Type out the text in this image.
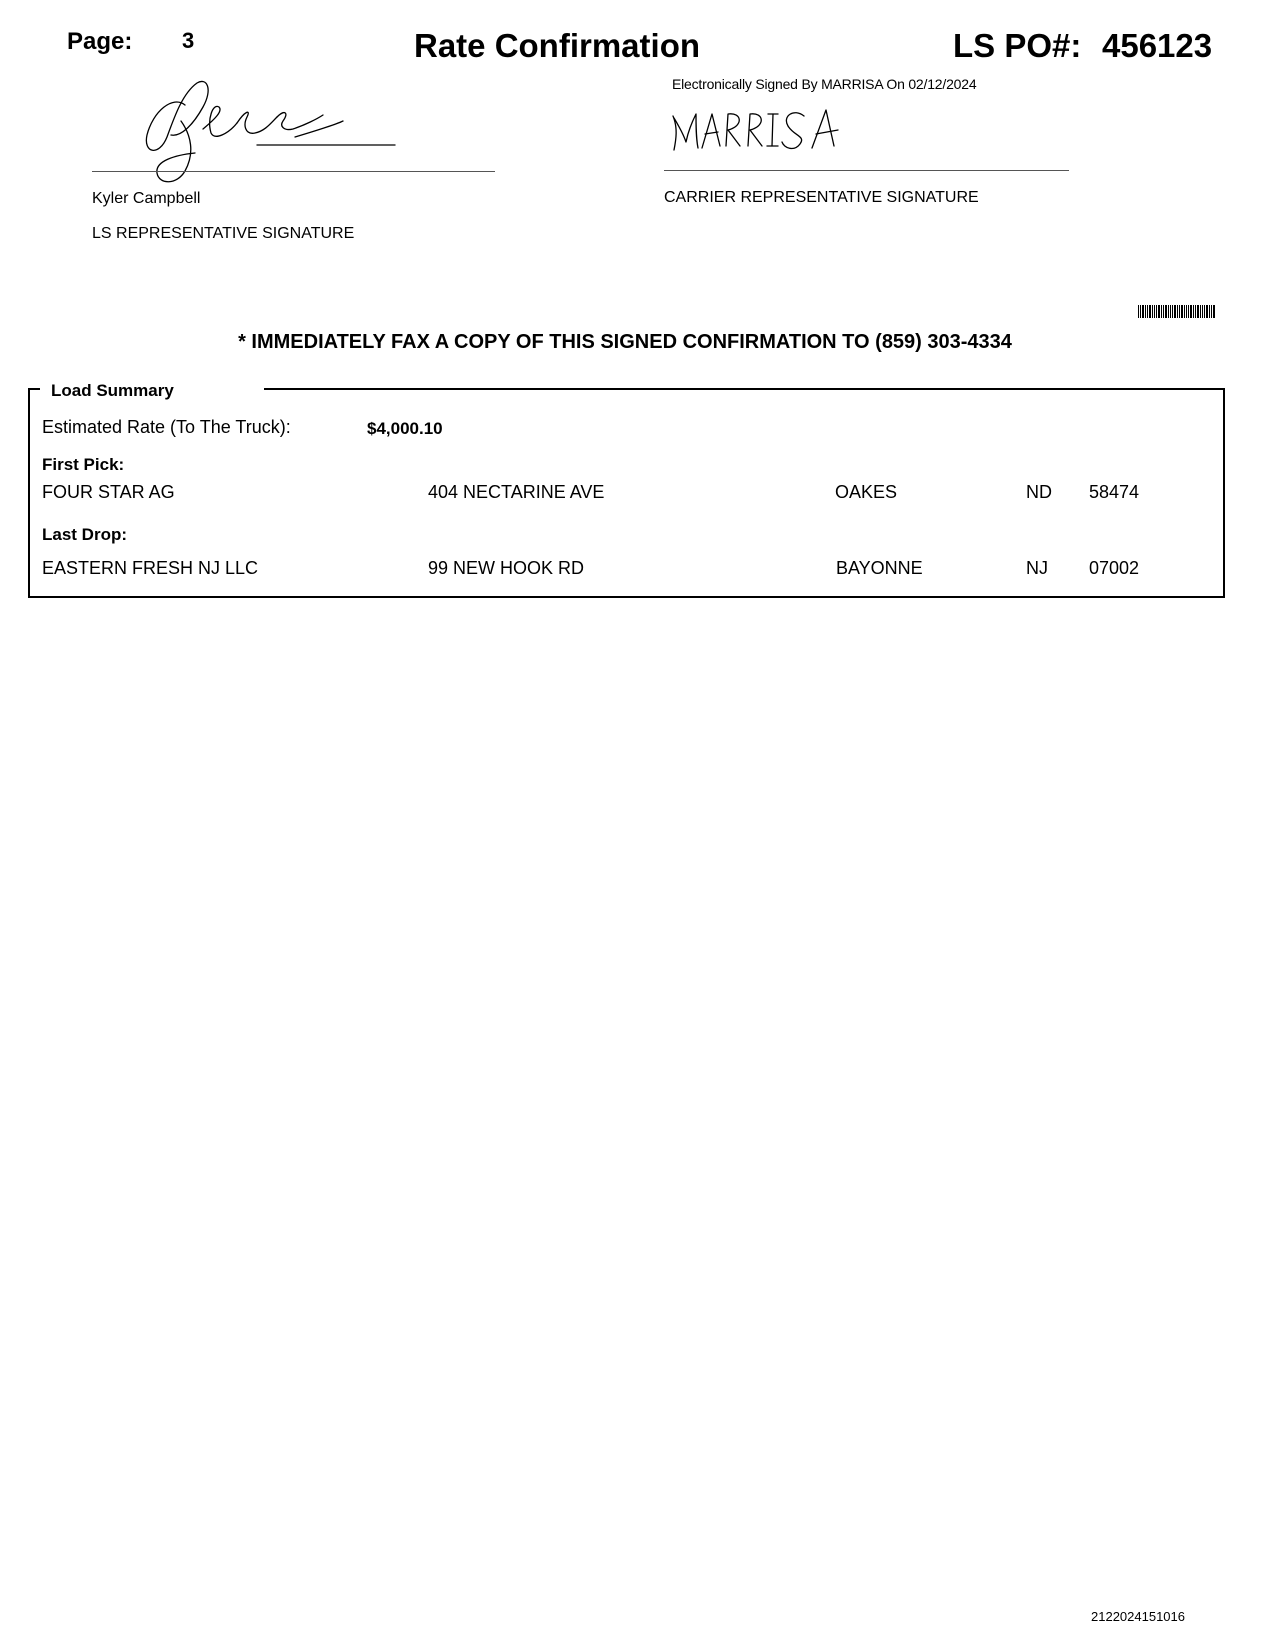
Page: 3	Rate Confirmation	LS PO#: 456123
Electronically Signed By MARRISA On 02/12/2024
Kyler Campbell
LS REPRESENTATIVE SIGNATURE
CARRIER REPRESENTATIVE SIGNATURE
* IMMEDIATELY FAX A COPY OF THIS SIGNED CONFIRMATION TO (859) 303-4334
Load Summary
Estimated Rate (To The Truck):	$4,000.10
First Pick:
FOUR STAR AG	404 NECTARINE AVE	OAKES	ND 58474
Last Drop:
EASTERN FRESH NJ LLC	99 NEW HOOK RD	BAYONNE	NJ 07002
2122024151016
